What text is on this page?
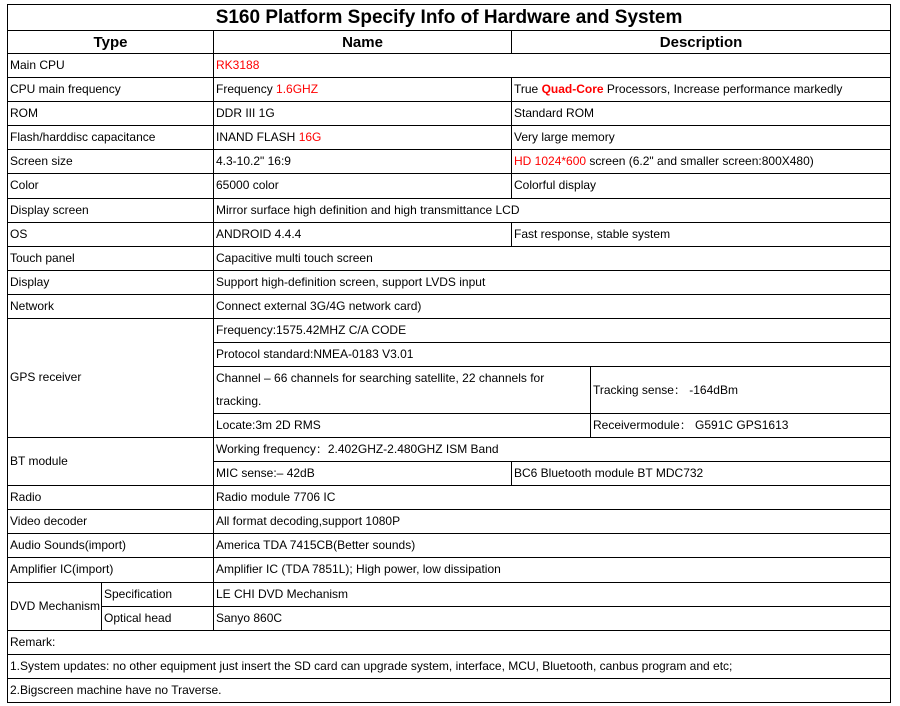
S160 Platform Specify Info of Hardware and System				
Type		Name	Description	
Main CPU		RK3188		
CPU main frequency		Frequency 1.6GHZ	True Quad-Core Processors, Increase performance markedly	
ROM		DDR III 1G	Standard ROM	
Flash/harddisc capacitance		INAND FLASH 16G	Very large memory	
Screen size		4.3-10.2" 16:9	HD 1024*600 screen (6.2" and smaller screen:800X480)	
Color		65000 color	Colorful display	
Display screen		Mirror surface high definition and high transmittance LCD		
OS		ANDROID 4.4.4	Fast response, stable system	
Touch panel		Capacitive multi touch screen		
Display		Support high-definition screen, support LVDS input		
Network		Connect external 3G/4G network card)		
GPS receiver		Frequency:1575.42MHZ C/A CODE		
		Protocol standard:NMEA-0183 V3.01		
		Channel – 66 channels for searching satellite, 22 channels for tracking.		Tracking sense： -164dBm
		Locate:3m 2D RMS		Receivermodule： G591C GPS1613
BT module		Working frequency：2.402GHZ-2.480GHZ ISM Band		
		MIC sense:– 42dB	BC6 Bluetooth module BT MDC732	
Radio		Radio module 7706 IC		
Video decoder		All format decoding,support 1080P		
Audio Sounds(import)		America TDA 7415CB(Better sounds)		
Amplifier IC(import)		Amplifier IC (TDA 7851L); High power, low dissipation		
DVD Mechanism	Specification	LE CHI DVD Mechanism		
	Optical head	Sanyo 860C		
Remark:				
1.System updates: no other equipment just insert the SD card can upgrade system, interface, MCU, Bluetooth, canbus program and etc;				
2.Bigscreen machine have no Traverse.				
